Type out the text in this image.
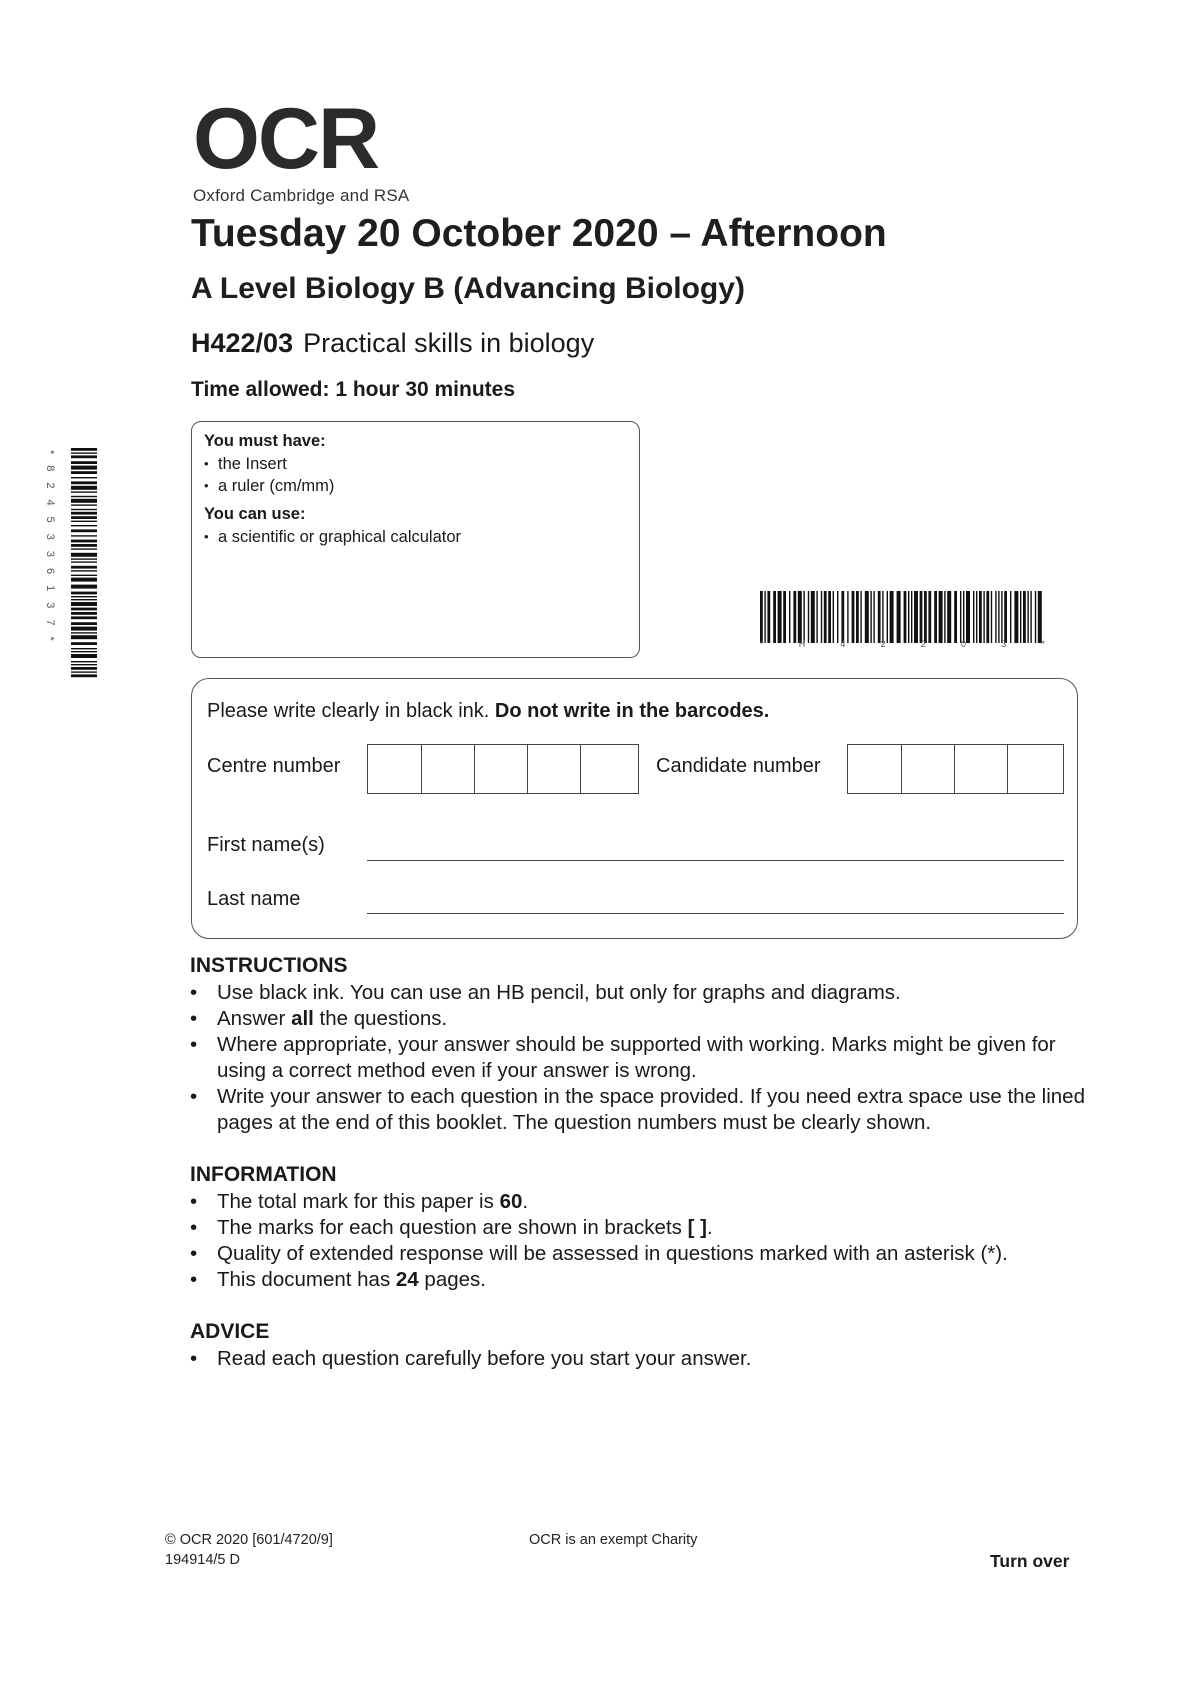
OCR
Oxford Cambridge and RSA
Tuesday 20 October 2020 – Afternoon
A Level Biology B (Advancing Biology)
H422/03 Practical skills in biology
Time allowed: 1 hour 30 minutes
You must have:
• the Insert
• a ruler (cm/mm)
You can use:
• a scientific or graphical calculator
*	H	4	2	2	0	3	*
*8245336137*
Please write clearly in black ink. Do not write in the barcodes.
Centre number	Candidate number
First name(s)
Last name
INSTRUCTIONS
• Use black ink. You can use an HB pencil, but only for graphs and diagrams.
• Answer all the questions.
• Where appropriate, your answer should be supported with working. Marks might be given for using a correct method even if your answer is wrong.
• Write your answer to each question in the space provided. If you need extra space use the lined pages at the end of this booklet. The question numbers must be clearly shown.
INFORMATION
• The total mark for this paper is 60.
• The marks for each question are shown in brackets [ ].
• Quality of extended response will be assessed in questions marked with an asterisk (*).
• This document has 24 pages.
ADVICE
• Read each question carefully before you start your answer.
© OCR 2020 [601/4720/9]
194914/5 D
OCR is an exempt Charity
Turn over
